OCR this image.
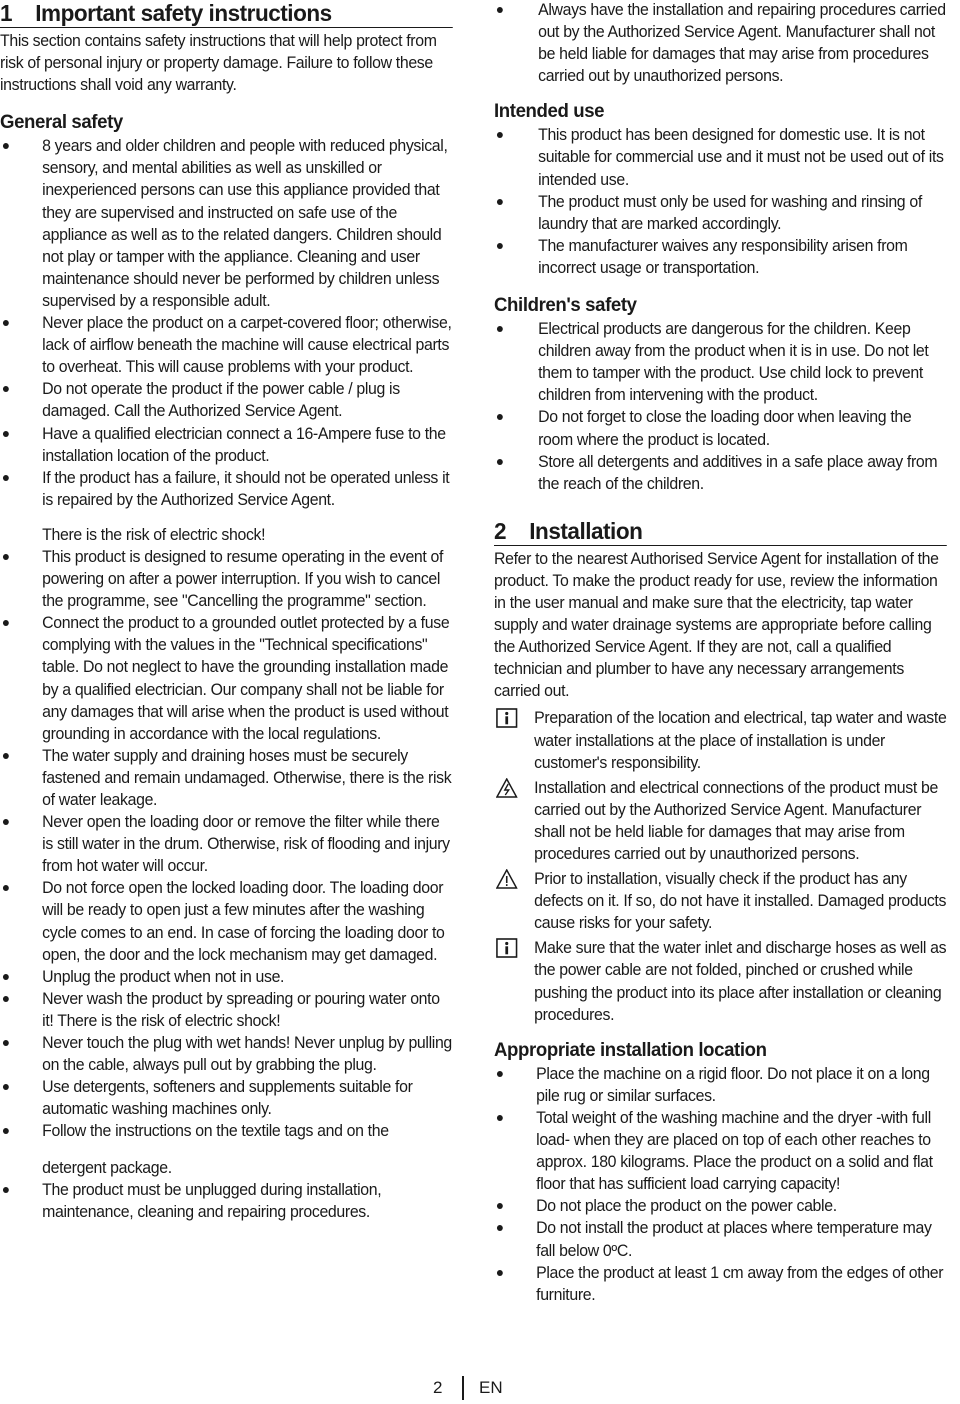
1 Important safety instructions

This section contains safety instructions that will help protect from risk of personal injury or property damage. Failure to follow these instructions shall void any warranty.

General safety
8 years and older children and people with reduced physical, sensory, and mental abilities as well as unskilled or inexperienced persons can use this appliance provided that they are supervised and instructed on safe use of the appliance as well as to the related dangers. Children should not play or tamper with the appliance. Cleaning and user maintenance should never be performed by children unless supervised by a responsible adult.
Never place the product on a carpet-covered floor; otherwise, lack of airflow beneath the machine will cause electrical parts to overheat. This will cause problems with your product.
Do not operate the product if the power cable / plug is damaged. Call the Authorized Service Agent.
Have a qualified electrician connect a 16-Ampere fuse to the installation location of the product.
If the product has a failure, it should not be operated unless it is repaired by the Authorized Service Agent.

There is the risk of electric shock!

This product is designed to resume operating in the event of powering on after a power interruption. If you wish to cancel the programme, see "Cancelling the programme" section.
Connect the product to a grounded outlet protected by a fuse complying with the values in the "Technical specifications" table. Do not neglect to have the grounding installation made by a qualified electrician. Our company shall not be liable for any damages that will arise when the product is used without grounding in accordance with the local regulations.
The water supply and draining hoses must be securely fastened and remain undamaged. Otherwise, there is the risk of water leakage.
Never open the loading door or remove the filter while there is still water in the drum. Otherwise, risk of flooding and injury from hot water will occur.
Do not force open the locked loading door. The loading door will be ready to open just a few minutes after the washing cycle comes to an end. In case of forcing the loading door to open, the door and the lock mechanism may get damaged.
Unplug the product when not in use.
Never wash the product by spreading or pouring water onto it! There is the risk of electric shock!
Never touch the plug with wet hands! Never unplug by pulling on the cable, always pull out by grabbing the plug.
Use detergents, softeners and supplements suitable for automatic washing machines only.
Follow the instructions on the textile tags and on the

detergent package.

The product must be unplugged during installation, maintenance, cleaning and repairing procedures.
Always have the installation and repairing procedures carried out by the Authorized Service Agent. Manufacturer shall not be held liable for damages that may arise from procedures carried out by unauthorized persons.
Intended use
This product has been designed for domestic use. It is not suitable for commercial use and it must not be used out of its intended use.
The product must only be used for washing and rinsing of laundry that are marked accordingly.
The manufacturer waives any responsibility arisen from incorrect usage or transportation.
Children's safety
Electrical products are dangerous for the children. Keep children away from the product when it is in use. Do not let them to tamper with the product. Use child lock to prevent children from intervening with the product.
Do not forget to close the loading door when leaving the room where the product is located.
Store all detergents and additives in a safe place away from the reach of the children.
2 Installation

Refer to the nearest Authorised Service Agent for installation of the product. To make the product ready for use, review the information in the user manual and make sure that the electricity, tap water supply and water drainage systems are appropriate before calling the Authorized Service Agent. If they are not, call a qualified technician and plumber to have any necessary arrangements carried out.

Preparation of the location and electrical, tap water and waste water installations at the place of installation is under customer's responsibility.
Installation and electrical connections of the product must be carried out by the Authorized Service Agent. Manufacturer shall not be held liable for damages that may arise from procedures carried out by unauthorized persons.
Prior to installation, visually check if the product has any defects on it. If so, do not have it installed. Damaged products cause risks for your safety.
Make sure that the water inlet and discharge hoses as well as the power cable are not folded, pinched or crushed while pushing the product into its place after installation or cleaning procedures.
Appropriate installation location
Place the machine on a rigid floor. Do not place it on a long pile rug or similar surfaces.
Total weight of the washing machine and the dryer -with full load- when they are placed on top of each other reaches to approx. 180 kilograms. Place the product on a solid and flat floor that has sufficient load carrying capacity!
Do not place the product on the power cable.
Do not install the product at places where temperature may fall below 0ºC.
Place the product at least 1 cm away from the edges of other furniture.
2 EN
